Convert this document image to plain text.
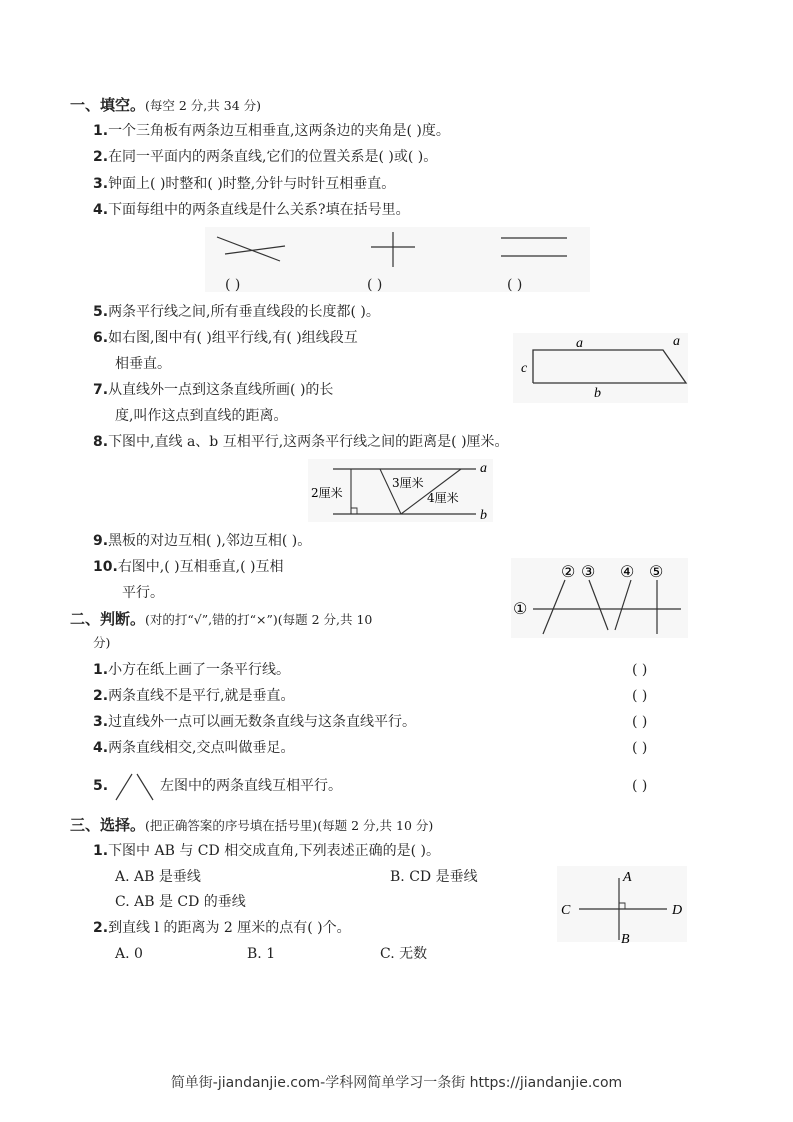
一、填空。(每空 2 分,共 34 分)
1.一个三角板有两条边互相垂直,这两条边的夹角是( )度。
2.在同一平面内的两条直线,它们的位置关系是( )或( )。
3.钟面上( )时整和( )时整,分针与时针互相垂直。
4.下面每组中的两条直线是什么关系?填在括号里。
( )	( )	( )
5.两条平行线之间,所有垂直线段的长度都( )。
6.如右图,图中有( )组平行线,有( )组线段互
相垂直。
a	a
c
b
7.从直线外一点到这条直线所画( )的长
度,叫作这点到直线的距离。
8.下图中,直线 a、b 互相平行,这两条平行线之间的距离是( )厘米。
a
b
2厘米
3厘米
4厘米
9.黑板的对边互相( ),邻边互相( )。
10.右图中,( )互相垂直,( )互相
平行。
①
② ③ ④ ⑤
二、判断。(对的打“√”,错的打“×”)(每题 2 分,共 10
分)
1.小方在纸上画了一条平行线。	( )
2.两条直线不是平行,就是垂直。	( )
3.过直线外一点可以画无数条直线与这条直线平行。	( )
4.两条直线相交,交点叫做垂足。	( )
5.	左图中的两条直线互相平行。	( )
三、选择。(把正确答案的序号填在括号里)(每题 2 分,共 10 分)
1.下图中 AB 与 CD 相交成直角,下列表述正确的是( )。
A. AB 是垂线	B. CD 是垂线
C. AB 是 CD 的垂线
A
B
C	D
2.到直线 l 的距离为 2 厘米的点有( )个。
A. 0	B. 1	C. 无数
简单街-jiandanjie.com-学科网简单学习一条街 https://jiandanjie.com
